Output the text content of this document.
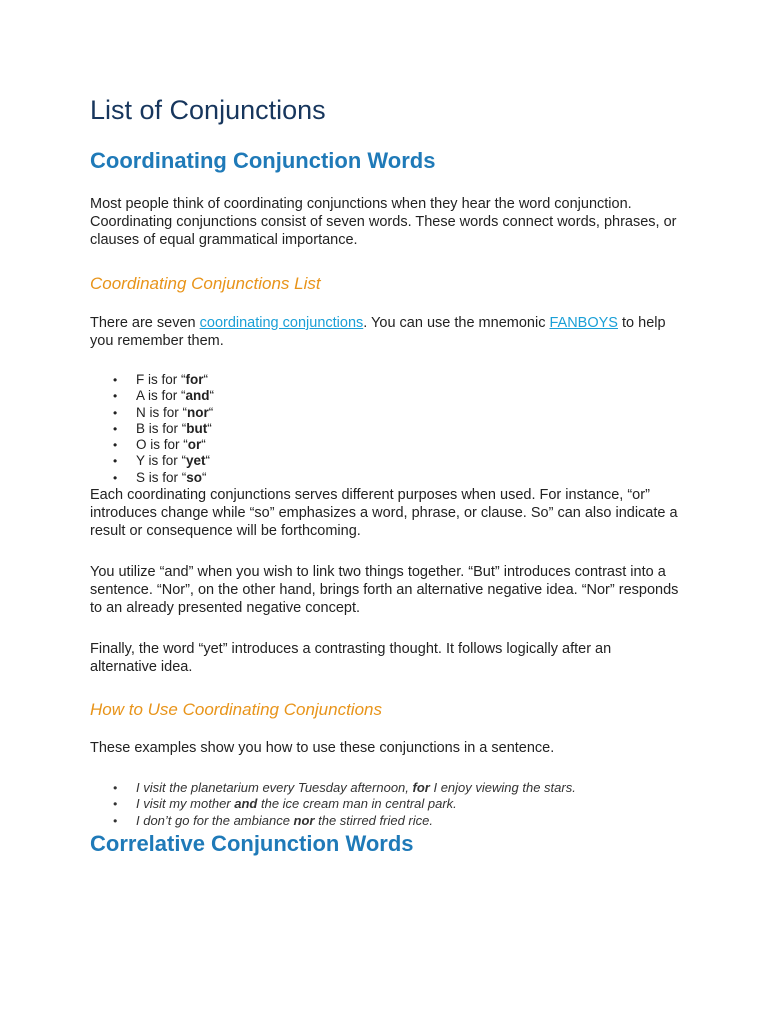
List of Conjunctions
Coordinating Conjunction Words

Most people think of coordinating conjunctions when they hear the word conjunction. Coordinating conjunctions consist of seven words. These words connect words, phrases, or clauses of equal grammatical importance.

Coordinating Conjunctions List

There are seven coordinating conjunctions. You can use the mnemonic FANBOYS to help you remember them.

• F is for “for“
• A is for “and“
• N is for “nor“
• B is for “but“
• O is for “or“
• Y is for “yet“
• S is for “so“

Each coordinating conjunctions serves different purposes when used. For instance, “or” introduces change while “so” emphasizes a word, phrase, or clause. So” can also indicate a result or consequence will be forthcoming.

You utilize “and” when you wish to link two things together. “But” introduces contrast into a sentence. “Nor”, on the other hand, brings forth an alternative negative idea. “Nor” responds to an already presented negative concept.

Finally, the word “yet” introduces a contrasting thought. It follows logically after an alternative idea.

How to Use Coordinating Conjunctions

These examples show you how to use these conjunctions in a sentence.

• I visit the planetarium every Tuesday afternoon, for I enjoy viewing the stars.
• I visit my mother and the ice cream man in central park.
• I don’t go for the ambiance nor the stirred fried rice.
Correlative Conjunction Words
